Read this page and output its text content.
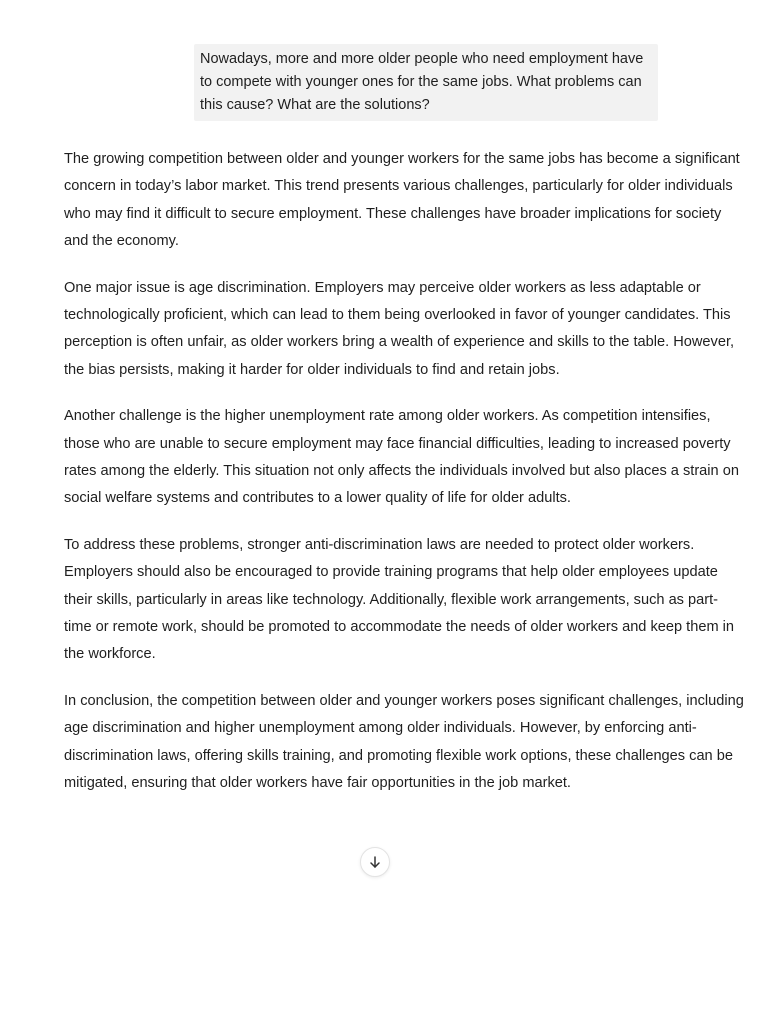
Nowadays, more and more older people who need employment have to compete with younger ones for the same jobs. What problems can this cause? What are the solutions?

The growing competition between older and younger workers for the same jobs has become a significant concern in today’s labor market. This trend presents various challenges, particularly for older individuals who may find it difficult to secure employment. These challenges have broader implications for society and the economy.

One major issue is age discrimination. Employers may perceive older workers as less adaptable or technologically proficient, which can lead to them being overlooked in favor of younger candidates. This perception is often unfair, as older workers bring a wealth of experience and skills to the table. However, the bias persists, making it harder for older individuals to find and retain jobs.

Another challenge is the higher unemployment rate among older workers. As competition intensifies, those who are unable to secure employment may face financial difficulties, leading to increased poverty rates among the elderly. This situation not only affects the individuals involved but also places a strain on social welfare systems and contributes to a lower quality of life for older adults.

To address these problems, stronger anti-discrimination laws are needed to protect older workers. Employers should also be encouraged to provide training programs that help older employees update their skills, particularly in areas like technology. Additionally, flexible work arrangements, such as part-time or remote work, should be promoted to accommodate the needs of older workers and keep them in the workforce.

In conclusion, the competition between older and younger workers poses significant challenges, including age discrimination and higher unemployment among older individuals. However, by enforcing anti-discrimination laws, offering skills training, and promoting flexible work options, these challenges can be mitigated, ensuring that older workers have fair opportunities in the job market.
